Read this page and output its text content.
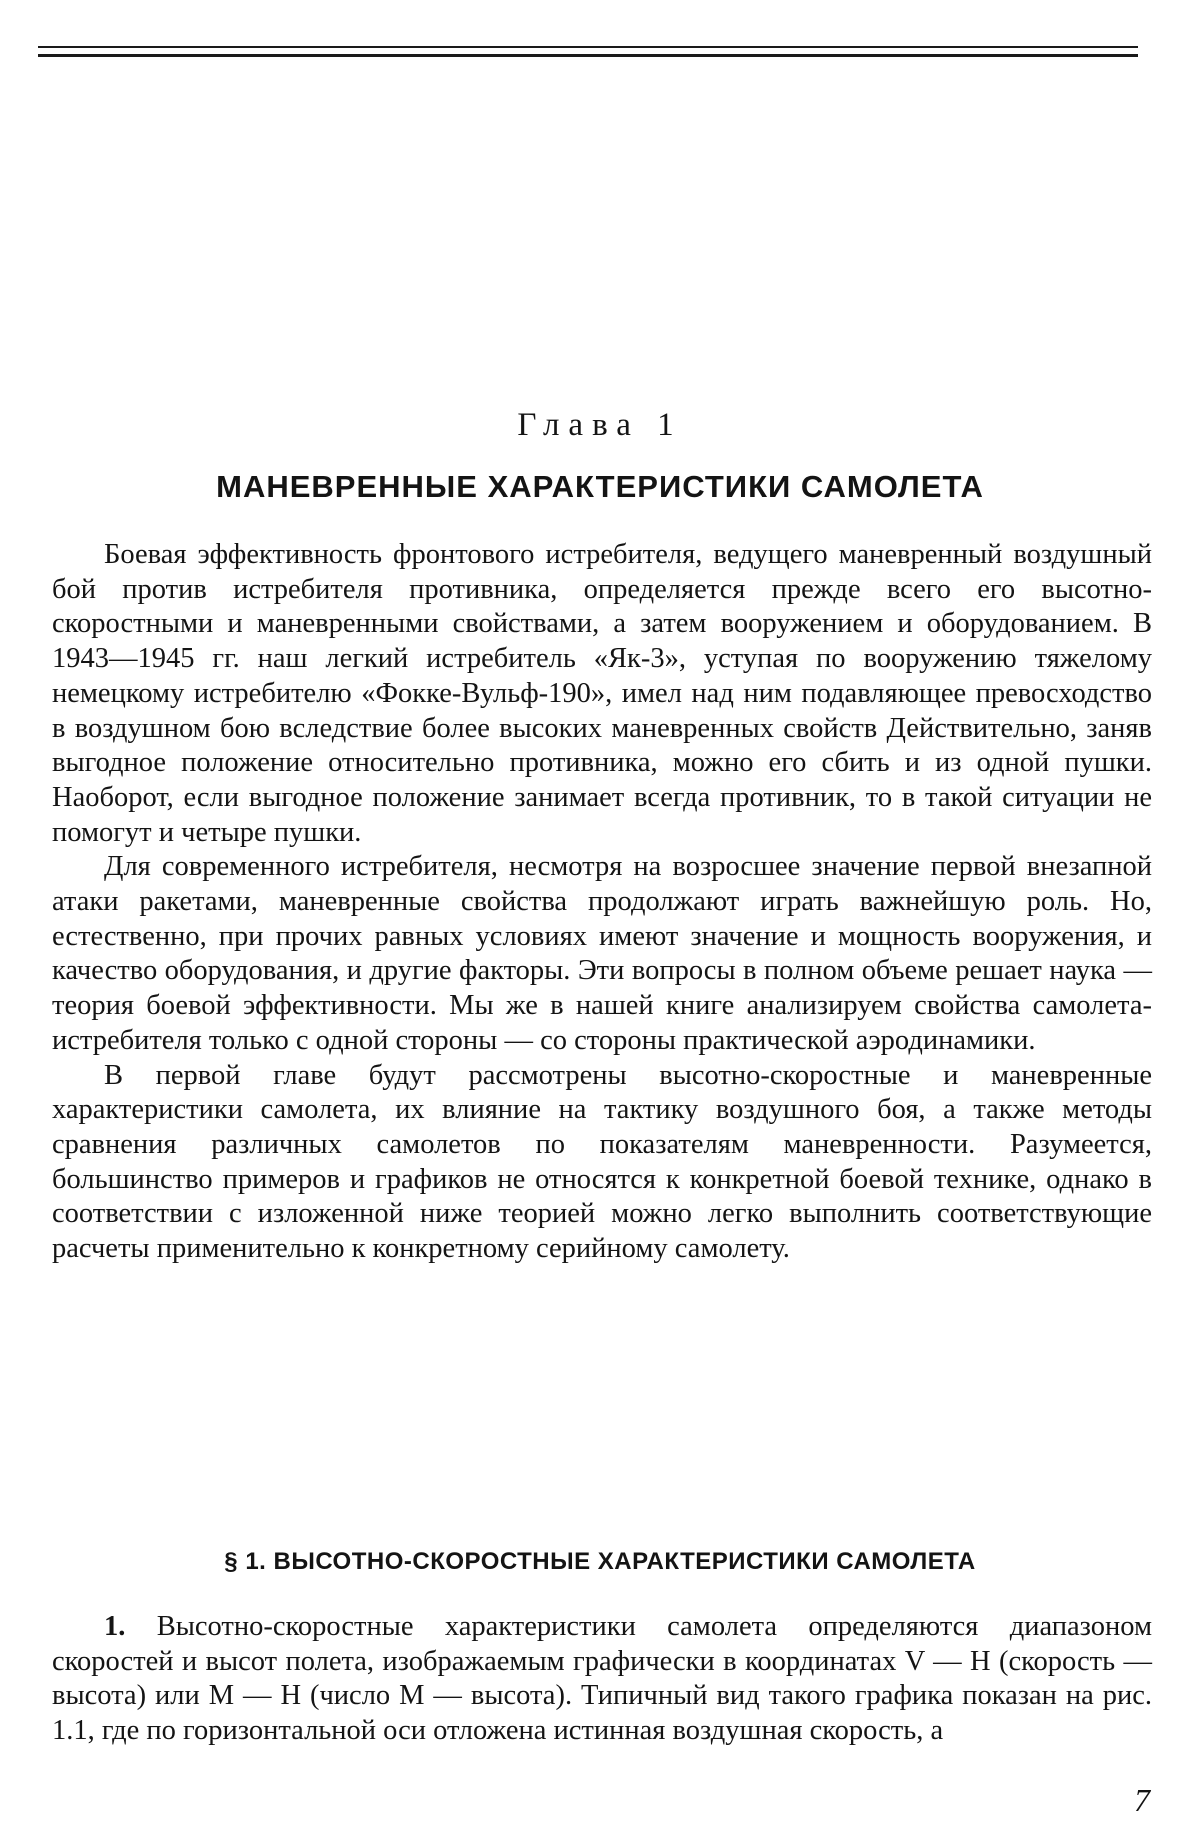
Глава 1
МАНЕВРЕННЫЕ ХАРАКТЕРИСТИКИ САМОЛЕТА

Боевая эффективность фронтового истребителя, ведущего маневренный воздушный бой против истребителя противника, определяется прежде всего его высотно-скоростными и маневренными свойствами, а затем вооружением и оборудованием. В 1943—1945 гг. наш легкий истребитель «Як-3», уступая по вооружению тяжелому немецкому истребителю «Фокке-Вульф-190», имел над ним подавляющее превосходство в воздушном бою вследствие более высоких маневренных свойств Действительно, заняв выгодное положение относительно противника, можно его сбить и из одной пушки. Наоборот, если выгодное положение занимает всегда противник, то в такой ситуации не помогут и четыре пушки.

Для современного истребителя, несмотря на возросшее значение первой внезапной атаки ракетами, маневренные свойства продолжают играть важнейшую роль. Но, естественно, при прочих равных условиях имеют значение и мощность вооружения, и качество оборудования, и другие факторы. Эти вопросы в полном объеме решает наука — теория боевой эффективности. Мы же в нашей книге анализируем свойства самолета-истребителя только с одной стороны — со стороны практической аэродинамики.

В первой главе будут рассмотрены высотно-скоростные и маневренные характеристики самолета, их влияние на тактику воздушного боя, а также методы сравнения различных самолетов по показателям маневренности. Разумеется, большинство примеров и графиков не относятся к конкретной боевой технике, однако в соответствии с изложенной ниже теорией можно легко выполнить соответствующие расчеты применительно к конкретному серийному самолету.

§ 1. ВЫСОТНО-СКОРОСТНЫЕ ХАРАКТЕРИСТИКИ САМОЛЕТА

1. Высотно-скоростные характеристики самолета определяются диапазоном скоростей и высот полета, изображаемым графически в координатах V — H (скорость — высота) или M — H (число M — высота). Типичный вид такого графика показан на рис. 1.1, где по горизонтальной оси отложена истинная воздушная скорость, а

7
